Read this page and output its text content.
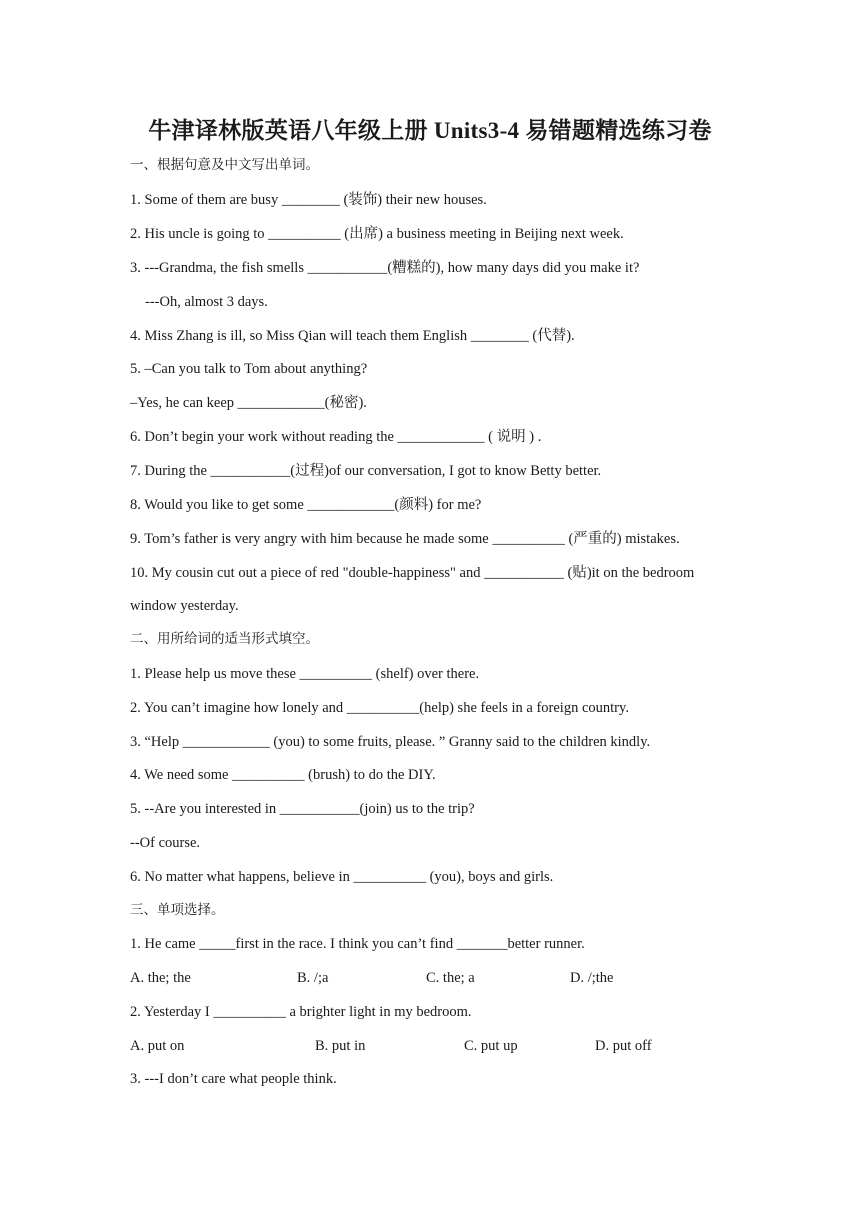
牛津译林版英语八年级上册 Units3-4 易错题精选练习卷
一、根据句意及中文写出单词。
1. Some of them are busy ________ (装饰) their new houses.
2. His uncle is going to __________ (出席) a business meeting in Beijing next week.
3. ---Grandma, the fish smells ___________(糟糕的), how many days did you make it?
---Oh, almost 3 days.
4. Miss Zhang is ill, so Miss Qian will teach them English ________ (代替).
5. –Can you talk to Tom about anything?
–Yes, he can keep ____________(秘密).
6. Don’t begin your work without reading the ____________ ( 说明 ) .
7. During the ___________(过程)of our conversation, I got to know Betty better.
8. Would you like to get some ____________(颜料) for me?
9. Tom’s father is very angry with him because he made some __________ (严重的) mistakes.
10. My cousin cut out a piece of red "double-happiness" and ___________ (贴)it on the bedroom
window yesterday.
二、用所给词的适当形式填空。
1. Please help us move these __________ (shelf) over there.
2. You can’t imagine how lonely and __________(help) she feels in a foreign country.
3. “Help ____________ (you) to some fruits, please. ” Granny said to the children kindly.
4. We need some __________ (brush) to do the DIY.
5. --Are you interested in ___________(join) us to the trip?
--Of course.
6. No matter what happens, believe in __________ (you), boys and girls.
三、单项选择。
1. He came _____first in the race. I think you can’t find _______better runner.
A. the; the	B. /;a	C. the; a	D. /;the
2. Yesterday I __________ a brighter light in my bedroom.
A. put on	B. put in	C. put up	D. put off
3. ---I don’t care what people think.
